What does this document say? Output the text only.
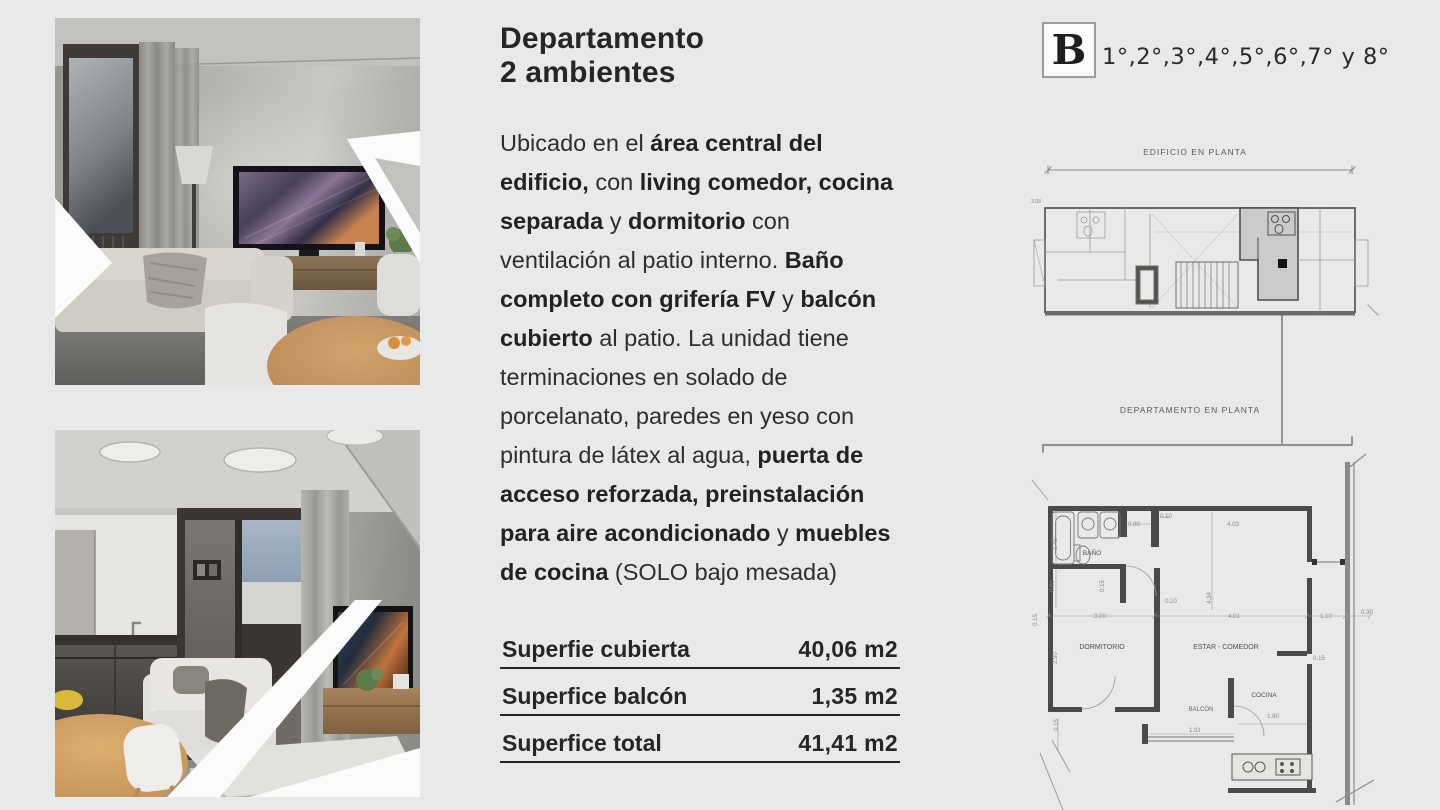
Departamento
2 ambientes

Ubicado en el área central del edificio, con living comedor, cocina separada y dormitorio con ventilación al patio interno. Baño completo con grifería FV y balcón cubierto al patio. La unidad tiene terminaciones en solado de porcelanato, paredes en yeso con pintura de látex al agua, puerta de acceso reforzada, preinstalación para aire acondicionado y muebles de cocina (SOLO bajo mesada)

Superfie cubierta	40,06 m2
Superfice balcón	1,35 m2
Superfice total	41,41 m2
B 1°,2°,3°,4°,5°,6°,7° y 8°
EDIFICIO EN PLANTA
3.08
DEPARTAMENTO EN PLANTA
BAÑO
0.80
0.10
4.03
1.45
0.60	0.15
0.10	4.34
0.15	3.00	4.01	1.10
0.30
DORMITORIO	ESTAR - COMEDOR
2.90	0.15
COCINA
1.90
BALCÓN
1.91
0.15
